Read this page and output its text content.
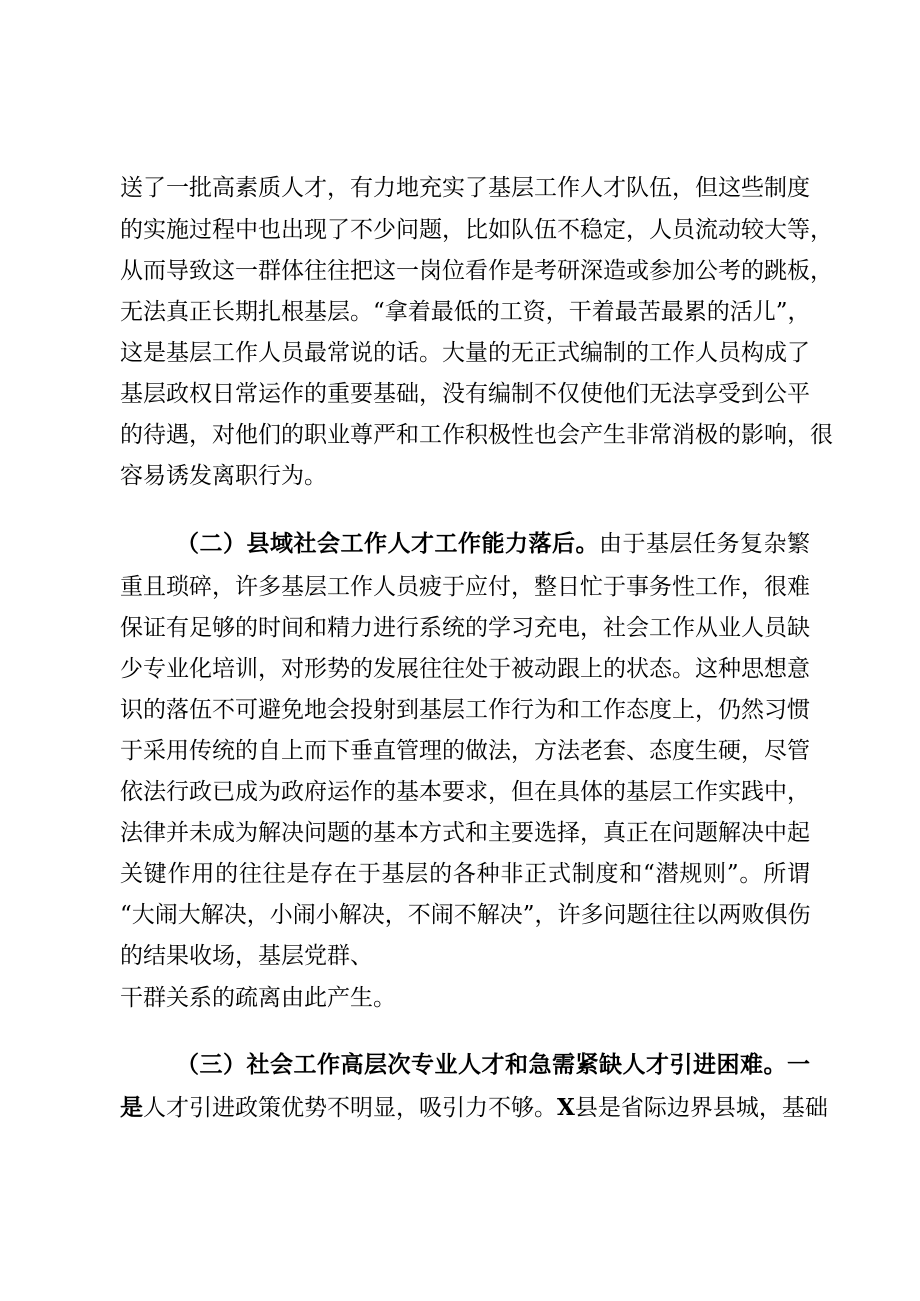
送了一批高素质人才，有力地充实了基层工作人才队伍，但这些制度
的实施过程中也出现了不少问题，比如队伍不稳定，人员流动较大等，
从而导致这一群体往往把这一岗位看作是考研深造或参加公考的跳板，
无法真正长期扎根基层。“拿着最低的工资，干着最苦最累的活儿”，
这是基层工作人员最常说的话。大量的无正式编制的工作人员构成了
基层政权日常运作的重要基础，没有编制不仅使他们无法享受到公平
的待遇，对他们的职业尊严和工作积极性也会产生非常消极的影响，很
容易诱发离职行为。
（二）县域社会工作人才工作能力落后。由于基层任务复杂繁
重且琐碎，许多基层工作人员疲于应付，整日忙于事务性工作，很难
保证有足够的时间和精力进行系统的学习充电，社会工作从业人员缺
少专业化培训，对形势的发展往往处于被动跟上的状态。这种思想意
识的落伍不可避免地会投射到基层工作行为和工作态度上，仍然习惯
于采用传统的自上而下垂直管理的做法，方法老套、态度生硬，尽管
依法行政已成为政府运作的基本要求，但在具体的基层工作实践中，
法律并未成为解决问题的基本方式和主要选择，真正在问题解决中起
关键作用的往往是存在于基层的各种非正式制度和“潜规则”。所谓
“大闹大解决，小闹小解决，不闹不解决”，许多问题往往以两败俱伤
的结果收场，基层党群、
干群关系的疏离由此产生。
（三）社会工作高层次专业人才和急需紧缺人才引进困难。一
是人才引进政策优势不明显，吸引力不够。X县是省际边界县城，基础
